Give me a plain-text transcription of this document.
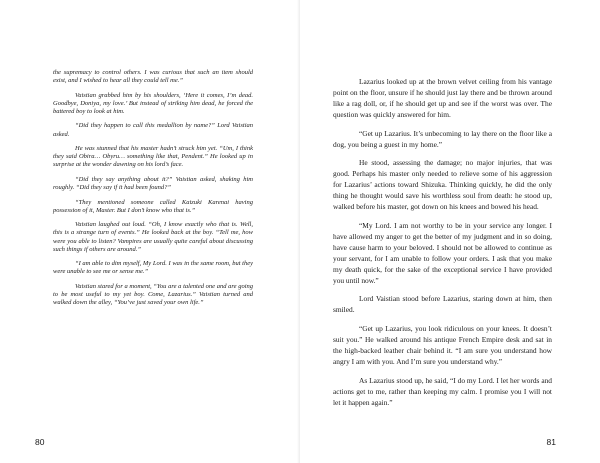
the supremacy to control others. I was curious that such an item should exist, and I wished to hear all they could tell me.”

Vaistian grabbed him by his shoulders, ‘Here it comes, I’m dead. Goodbye, Doniya, my love.’ But instead of striking him dead, he forced the battered boy to look at him.

“Did they happen to call this medallion by name?” Lord Vaistian asked.

He was stunned that his master hadn’t struck him yet. “Um, I think they said Obira… Obyru… something like that, Pendent.” He looked up in surprise at the wonder dawning on his lord’s face.

“Did they say anything about it?” Vaistian asked, shaking him roughly. “Did they say if it had been found?”

“They mentioned someone called Kaizuki Karenai having possession of it, Master. But I don’t know who that is.”

Vaistian laughed out loud. “Oh, I know exactly who that is. Well, this is a strange turn of events.” He looked back at the boy. “Tell me, how were you able to listen? Vampires are usually quite careful about discussing such things if others are around.”

“I am able to dim myself, My Lord. I was in the same room, but they were unable to see me or sense me.”

Vaistian stared for a moment, “You are a talented one and are going to be most useful to my yet boy. Come, Lazarius.” Vaistian turned and walked down the alley, “You’ve just saved your own life.”

80

Lazarius looked up at the brown velvet ceiling from his vantage point on the floor, unsure if he should just lay there and be thrown around like a rag doll, or, if he should get up and see if the worst was over. The question was quickly answered for him.

“Get up Lazarius. It’s unbecoming to lay there on the floor like a dog, you being a guest in my home.”

He stood, assessing the damage; no major injuries, that was good. Perhaps his master only needed to relieve some of his aggression for Lazarius’ actions toward Shizuka. Thinking quickly, he did the only thing he thought would save his worthless soul from death: he stood up, walked before his master, got down on his knees and bowed his head.

“My Lord. I am not worthy to be in your service any longer. I have allowed my anger to get the better of my judgment and in so doing, have cause harm to your beloved. I should not be allowed to continue as your servant, for I am unable to follow your orders. I ask that you make my death quick, for the sake of the exceptional service I have provided you until now.”

Lord Vaistian stood before Lazarius, staring down at him, then smiled.

“Get up Lazarius, you look ridiculous on your knees. It doesn’t suit you.” He walked around his antique French Empire desk and sat in the high-backed leather chair behind it. “I am sure you understand how angry I am with you. And I’m sure you understand why.”

As Lazarius stood up, he said, “I do my Lord. I let her words and actions get to me, rather than keeping my calm. I promise you I will not let it happen again.”

81
